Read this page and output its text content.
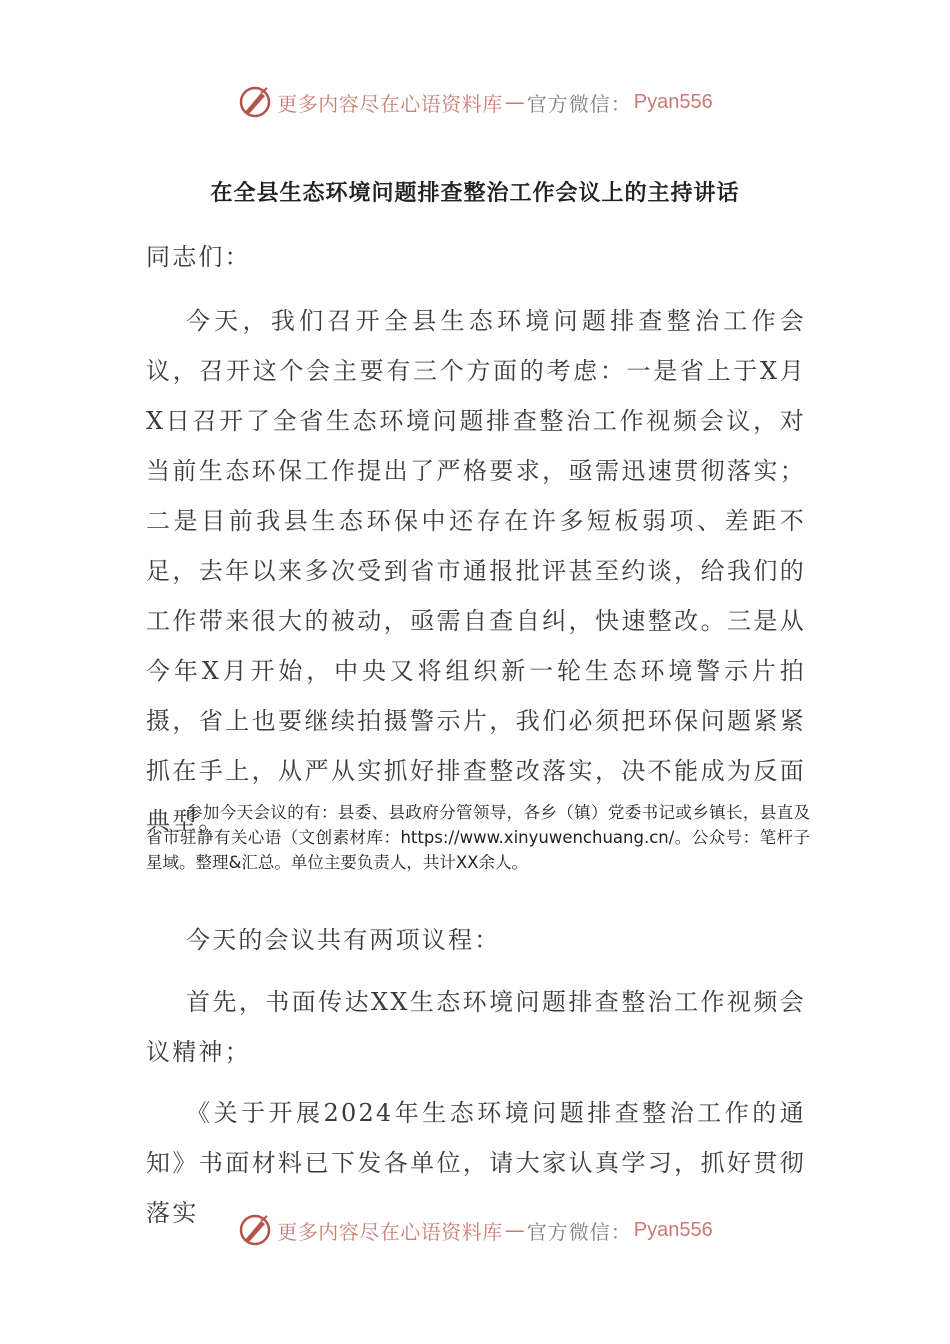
更多内容尽在心语资料库 — 官方微信： Pyan556
在全县生态环境问题排查整治工作会议上的主持讲话

同志们：

今天，我们召开全县生态环境问题排查整治工作会议，召开这个会主要有三个方面的考虑：一是省上于X月X日召开了全省生态环境问题排查整治工作视频会议，对当前生态环保工作提出了严格要求，亟需迅速贯彻落实；二是目前我县生态环保中还存在许多短板弱项、差距不足，去年以来多次受到省市通报批评甚至约谈，给我们的工作带来很大的被动，亟需自查自纠，快速整改。三是从今年X月开始，中央又将组织新一轮生态环境警示片拍摄，省上也要继续拍摄警示片，我们必须把环保问题紧紧抓在手上，从严从实抓好排查整改落实，决不能成为反面典型。

参加今天会议的有：县委、县政府分管领导，各乡（镇）党委书记或乡镇长，县直及省市驻静有关心语（文创素材库：https://www.xinyuwenchuang.cn/。公众号：笔杆子星域。整理&汇总。单位主要负责人，共计XX余人。

今天的会议共有两项议程：

首先，书面传达XX生态环境问题排查整治工作视频会议精神；

《关于开展2024年生态环境问题排查整治工作的通知》书面材料已下发各单位，请大家认真学习，抓好贯彻落实

更多内容尽在心语资料库 — 官方微信： Pyan556
